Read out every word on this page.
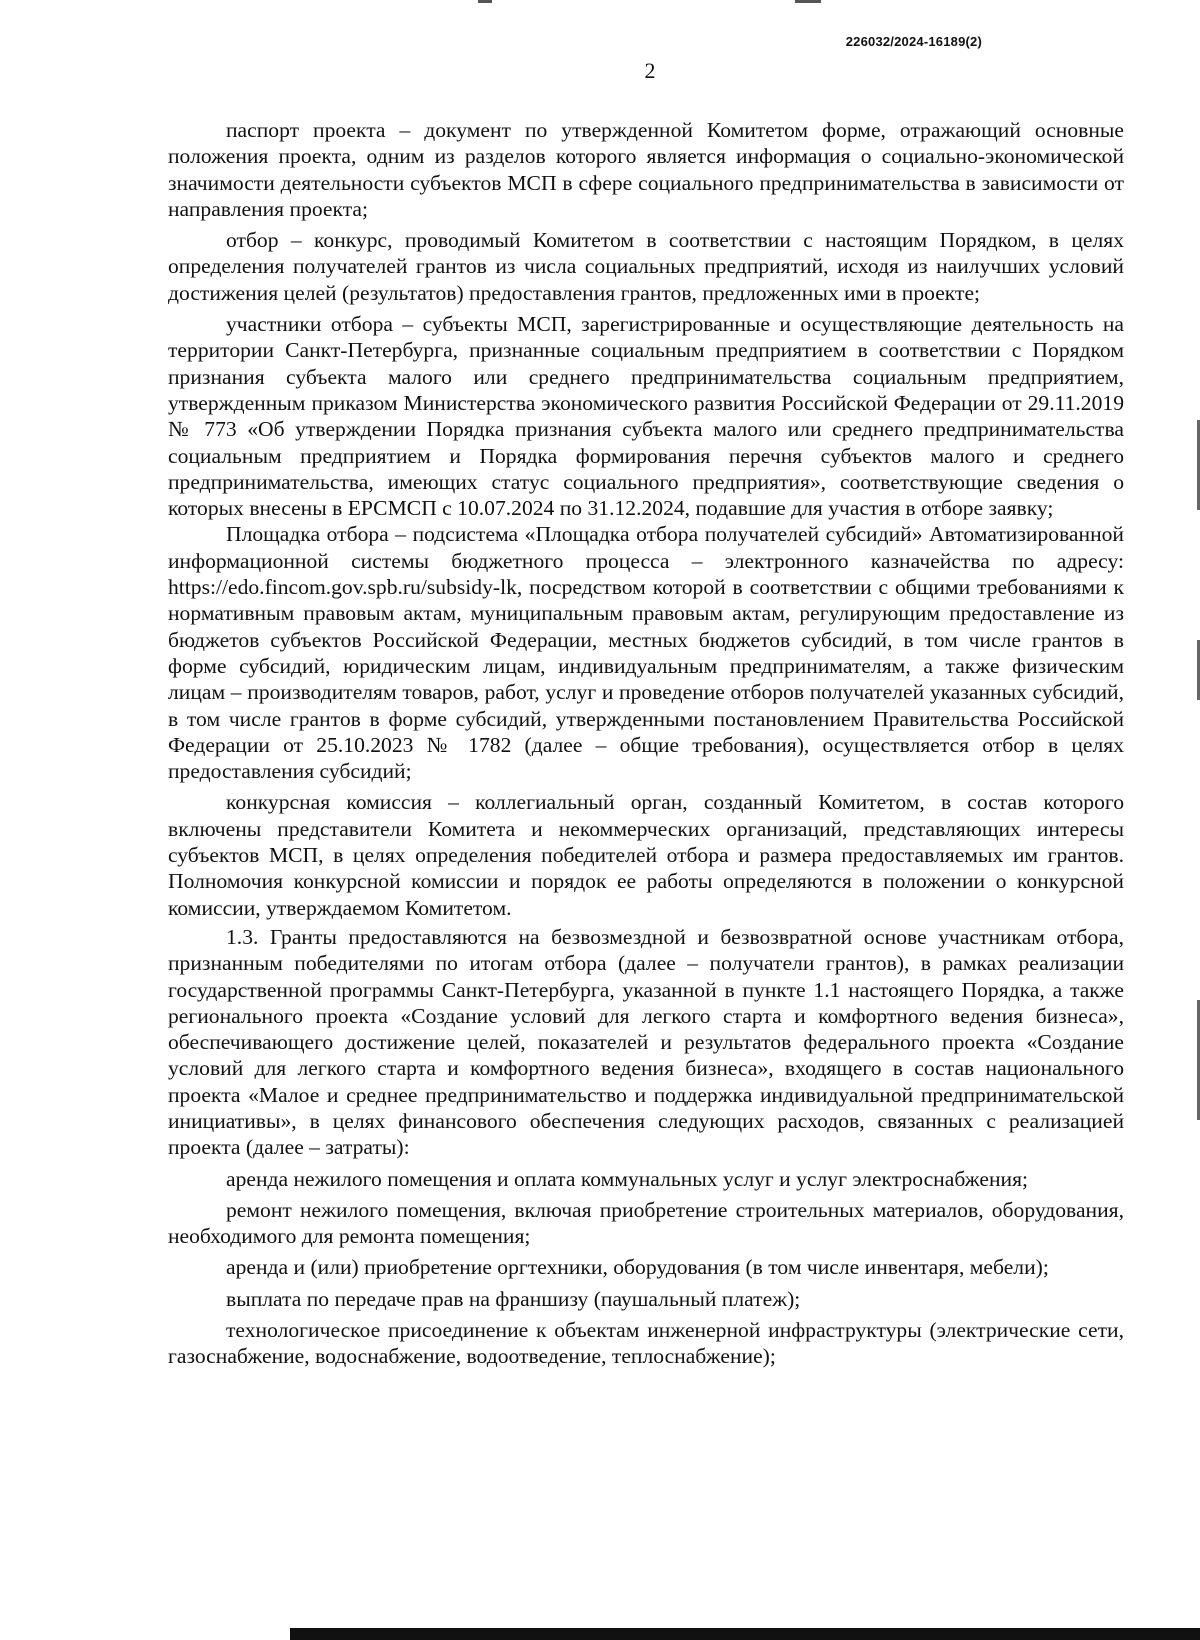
226032/2024-16189(2)
2

паспорт проекта – документ по утвержденной Комитетом форме, отражающий основные положения проекта, одним из разделов которого является информация о социально-экономической значимости деятельности субъектов МСП в сфере социального предпринимательства в зависимости от направления проекта;

отбор – конкурс, проводимый Комитетом в соответствии с настоящим Порядком, в целях определения получателей грантов из числа социальных предприятий, исходя из наилучших условий достижения целей (результатов) предоставления грантов, предложенных ими в проекте;

участники отбора – субъекты МСП, зарегистрированные и осуществляющие деятельность на территории Санкт-Петербурга, признанные социальным предприятием в соответствии с Порядком признания субъекта малого или среднего предпринимательства социальным предприятием, утвержденным приказом Министерства экономического развития Российской Федерации от 29.11.2019 № 773 «Об утверждении Порядка признания субъекта малого или среднего предпринимательства социальным предприятием и Порядка формирования перечня субъектов малого и среднего предпринимательства, имеющих статус социального предприятия», соответствующие сведения о которых внесены в ЕРСМСП с 10.07.2024 по 31.12.2024, подавшие для участия в отборе заявку;

Площадка отбора – подсистема «Площадка отбора получателей субсидий» Автоматизированной информационной системы бюджетного процесса – электронного казначейства по адресу: https://edo.fincom.gov.spb.ru/subsidy-lk, посредством которой в соответствии с общими требованиями к нормативным правовым актам, муниципальным правовым актам, регулирующим предоставление из бюджетов субъектов Российской Федерации, местных бюджетов субсидий, в том числе грантов в форме субсидий, юридическим лицам, индивидуальным предпринимателям, а также физическим лицам – производителям товаров, работ, услуг и проведение отборов получателей указанных субсидий, в том числе грантов в форме субсидий, утвержденными постановлением Правительства Российской Федерации от 25.10.2023 № 1782 (далее – общие требования), осуществляется отбор в целях предоставления субсидий;

конкурсная комиссия – коллегиальный орган, созданный Комитетом, в состав которого включены представители Комитета и некоммерческих организаций, представляющих интересы субъектов МСП, в целях определения победителей отбора и размера предоставляемых им грантов. Полномочия конкурсной комиссии и порядок ее работы определяются в положении о конкурсной комиссии, утверждаемом Комитетом.

1.3. Гранты предоставляются на безвозмездной и безвозвратной основе участникам отбора, признанным победителями по итогам отбора (далее – получатели грантов), в рамках реализации государственной программы Санкт-Петербурга, указанной в пункте 1.1 настоящего Порядка, а также регионального проекта «Создание условий для легкого старта и комфортного ведения бизнеса», обеспечивающего достижение целей, показателей и результатов федерального проекта «Создание условий для легкого старта и комфортного ведения бизнеса», входящего в состав национального проекта «Малое и среднее предпринимательство и поддержка индивидуальной предпринимательской инициативы», в целях финансового обеспечения следующих расходов, связанных с реализацией проекта (далее – затраты):

аренда нежилого помещения и оплата коммунальных услуг и услуг электроснабжения;

ремонт нежилого помещения, включая приобретение строительных материалов, оборудования, необходимого для ремонта помещения;

аренда и (или) приобретение оргтехники, оборудования (в том числе инвентаря, мебели);

выплата по передаче прав на франшизу (паушальный платеж);

технологическое присоединение к объектам инженерной инфраструктуры (электрические сети, газоснабжение, водоснабжение, водоотведение, теплоснабжение);
